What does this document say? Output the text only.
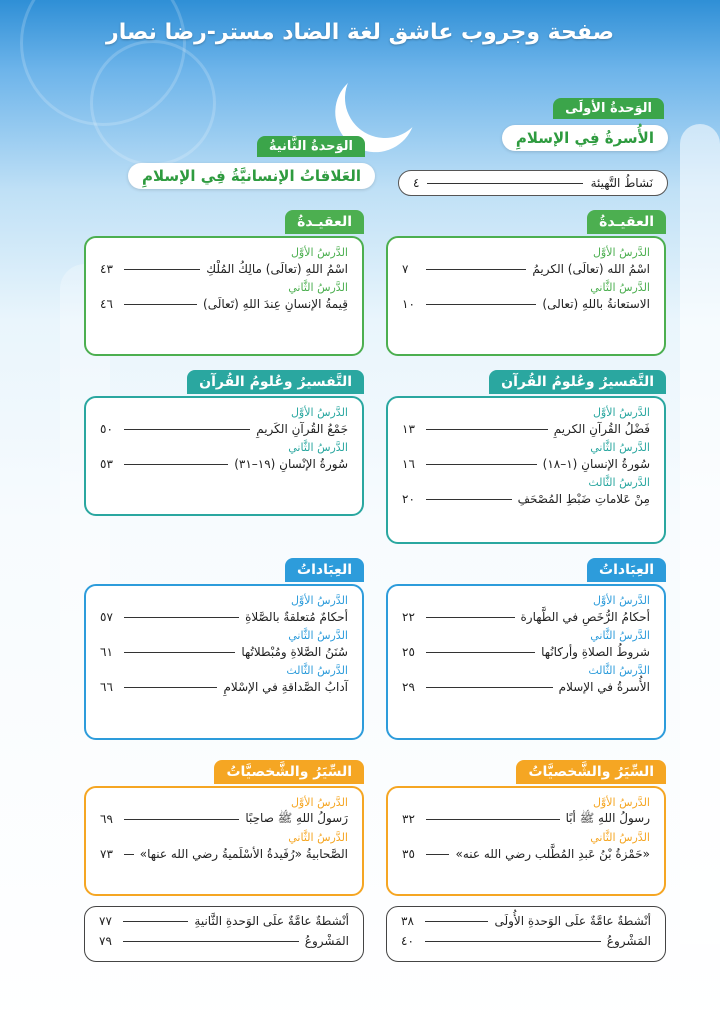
صفحة وجروب عاشق لغة الضاد مستر-رضا نصار
الوَحدةُ الأولَى
الأُسرةُ فِي الإسلامِ
الوَحدةُ الثَّانيةُ
العَلاقاتُ الإنسانيَّةُ فِي الإسلامِ	نَشاطُ التَّهيئة
٤
العقيـدةُ
الدَّرسُ الأوَّل
اسْمُ الله (تعالَى) الكريمُ
٧
الدَّرسُ الثَّاني
الاستعانةُ باللهِ (تعالى)
١٠
التَّفسيرُ وعُلومُ القُرآن
الدَّرسُ الأوَّل
فَضْلُ القُرآنِ الكريمِ
١٣
الدَّرسُ الثَّاني
سُورةُ الإنسانِ (١–١٨)
١٦
الدَّرسُ الثَّالث
مِنْ عَلاماتِ ضَبْطِ المُصْحَفِ
٢٠
العِبَاداتُ
الدَّرسُ الأوَّل
أحكامُ الرُّخَصِ في الطَّهارة
٢٢
الدَّرسُ الثَّاني
شروطُ الصلاةِ وأركانُها
٢٥
الدَّرسُ الثَّالث
الأُسرةُ في الإسلام
٢٩
السِّيَرُ والشَّخصيَّاتُ
الدَّرسُ الأوَّل
رسولُ اللهِ ﷺ أبًا
٣٢
الدَّرسُ الثَّاني
«حَمْزةُ بْنُ عَبدِ المُطَّلب رضي الله عنه»
٣٥
أنْشطةٌ عامَّةٌ علَى الوَحدةِ الأُولَى
٣٨
المَشْروعُ
٤٠
العقيـدةُ
الدَّرسُ الأوَّل
اسْمُ اللهِ (تعالَى) مالِكُ المُلْكِ
٤٣
الدَّرسُ الثَّاني
قِيمةُ الإنسانِ عِندَ اللهِ (تَعالَى)
٤٦
التَّفسيرُ وعُلومُ القُرآن
الدَّرسُ الأوَّل
جَمْعُ القُرآنِ الكَريمِ
٥٠
الدَّرسُ الثَّاني
سُورةُ الإنْسانِ (١٩–٣١)
٥٣
العِبَاداتُ
الدَّرسُ الأوَّل
أحكامٌ مُتعلقةٌ بالصَّلاةِ
٥٧
الدَّرسُ الثَّاني
سُنَنُ الصَّلاةِ ومُبْطلاتُها
٦١
الدَّرسُ الثَّالث
آدابُ الصَّداقةِ في الإسْلامِ
٦٦
السِّيَرُ والشَّخصيَّاتُ
الدَّرسُ الأوَّل
رَسولُ اللهِ ﷺ صاحِبًا
٦٩
الدَّرسُ الثَّاني
الصَّحابيةُ «رُفَيدةُ الأسْلَميةُ رضي الله عنها»
٧٣
أنْشطةٌ عامَّةٌ علَى الوَحدةِ الثَّانيةِ
٧٧
المَشْروعُ
٧٩
